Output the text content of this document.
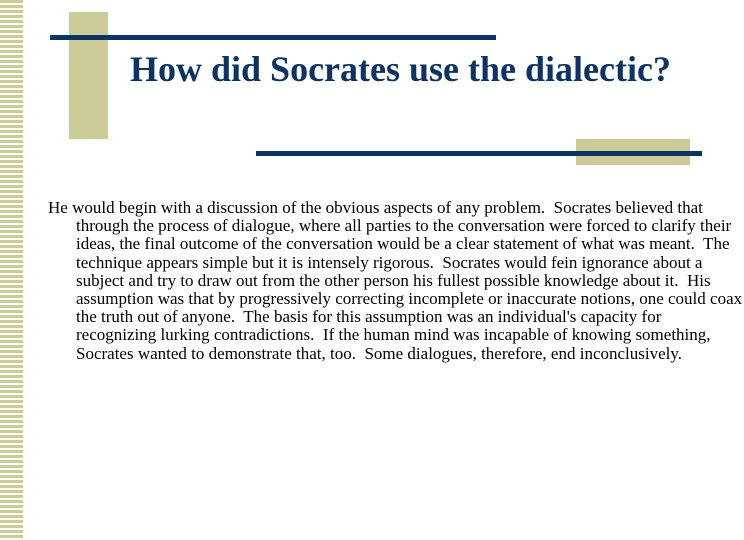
How did Socrates use the dialectic?

He would begin with a discussion of the obvious aspects of any problem.  Socrates believed that through the process of dialogue, where all parties to the conversation were forced to clarify their ideas, the final outcome of the conversation would be a clear statement of what was meant.  The technique appears simple but it is intensely rigorous.  Socrates would fein ignorance about a subject and try to draw out from the other person his fullest possible knowledge about it.  His assumption was that by progressively correcting incomplete or inaccurate notions, one could coax the truth out of anyone.  The basis for this assumption was an individual's capacity for recognizing lurking contradictions.  If the human mind was incapable of knowing something, Socrates wanted to demonstrate that, too.  Some dialogues, therefore, end inconclusively.
